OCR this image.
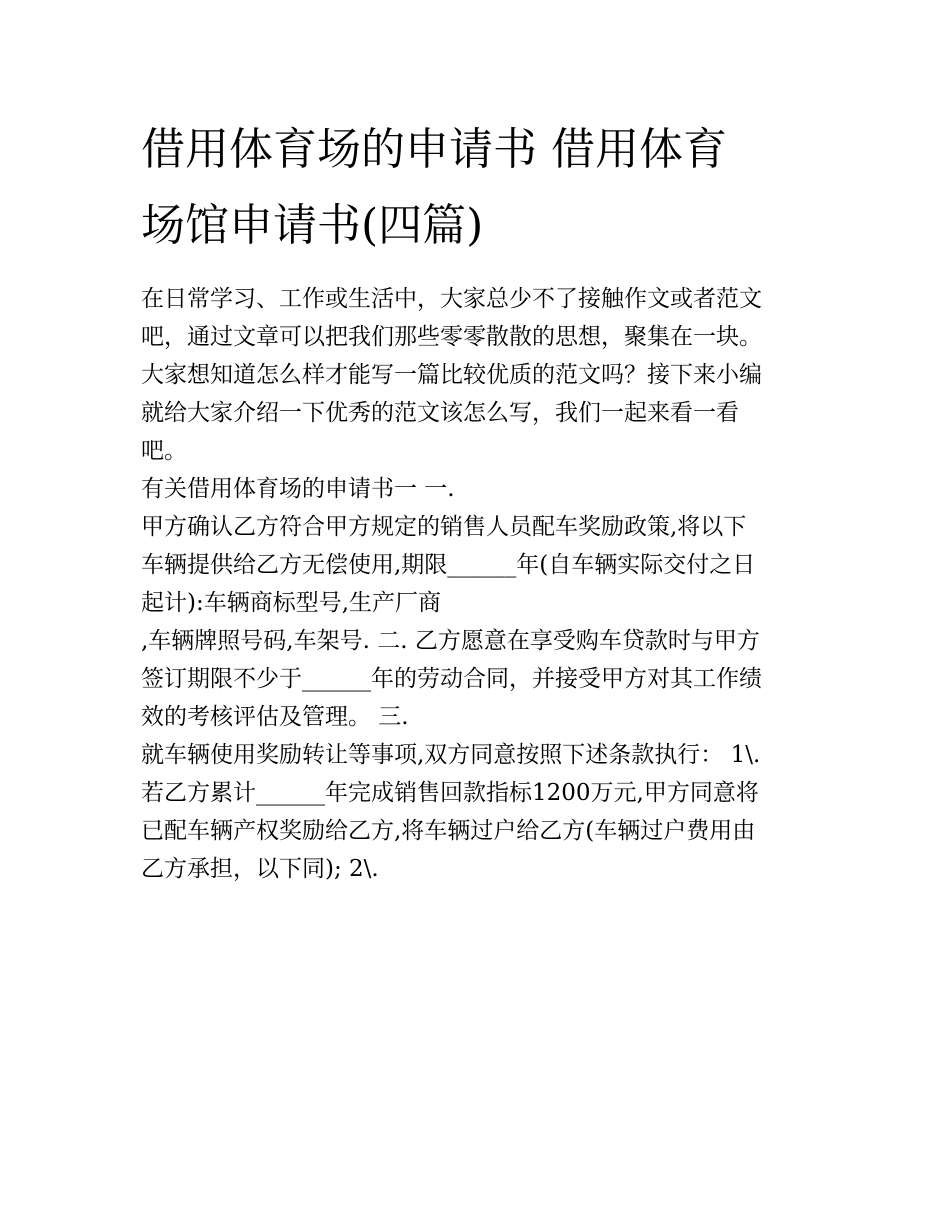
借用体育场的申请书 借用体育
场馆申请书(四篇)
在日常学习、工作或生活中，大家总少不了接触作文或者范文
吧，通过文章可以把我们那些零零散散的思想，聚集在一块。
大家想知道怎么样才能写一篇比较优质的范文吗？接下来小编
就给大家介绍一下优秀的范文该怎么写，我们一起来看一看
吧。
有关借用体育场的申请书一 一.
甲方确认乙方符合甲方规定的销售人员配车奖励政策,将以下
车辆提供给乙方无偿使用,期限______年(自车辆实际交付之日
起计):车辆商标型号,生产厂商
,车辆牌照号码,车架号. 二. 乙方愿意在享受购车贷款时与甲方
签订期限不少于______年的劳动合同，并接受甲方对其工作绩
效的考核评估及管理。 三.
就车辆使用奖励转让等事项,双方同意按照下述条款执行： 1\.
若乙方累计______年完成销售回款指标1200万元,甲方同意将
已配车辆产权奖励给乙方,将车辆过户给乙方(车辆过户费用由
乙方承担，以下同); 2\.
